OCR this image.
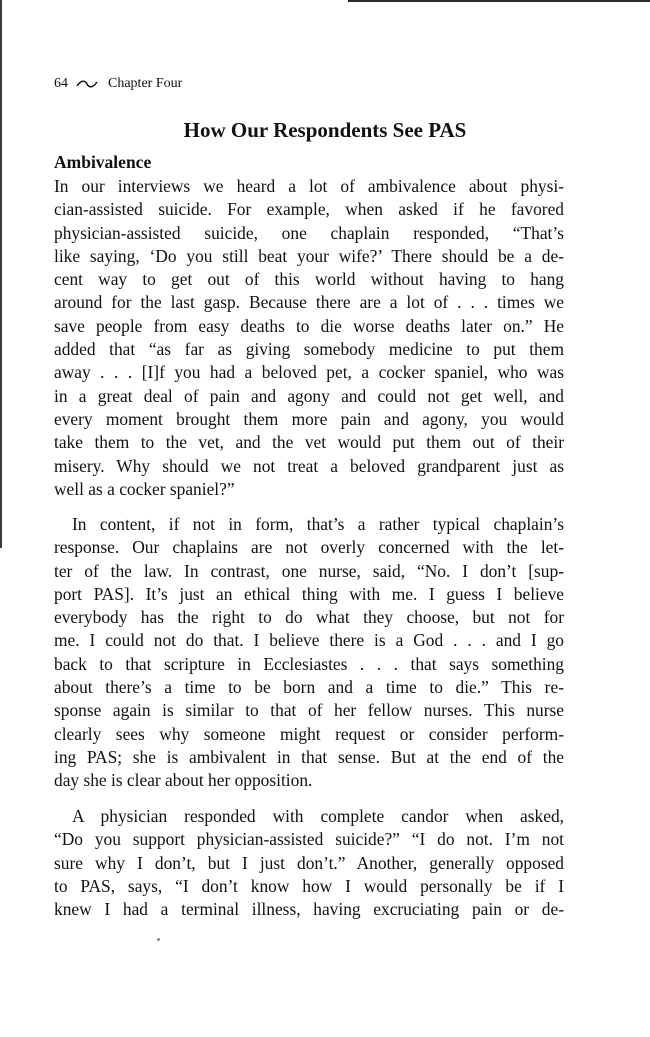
64	Chapter Four
How Our Respondents See PAS
Ambivalence
In our interviews we heard a lot of ambivalence about physi-
cian-assisted suicide. For example, when asked if he favored
physician-assisted suicide, one chaplain responded, “That’s
like saying, ‘Do you still beat your wife?’ There should be a de-
cent way to get out of this world without having to hang
around for the last gasp. Because there are a lot of . . . times we
save people from easy deaths to die worse deaths later on.” He
added that “as far as giving somebody medicine to put them
away . . . [I]f you had a beloved pet, a cocker spaniel, who was
in a great deal of pain and agony and could not get well, and
every moment brought them more pain and agony, you would
take them to the vet, and the vet would put them out of their
misery. Why should we not treat a beloved grandparent just as
well as a cocker spaniel?”
In content, if not in form, that’s a rather typical chaplain’s
response. Our chaplains are not overly concerned with the let-
ter of the law. In contrast, one nurse, said, “No. I don’t [sup-
port PAS]. It’s just an ethical thing with me. I guess I believe
everybody has the right to do what they choose, but not for
me. I could not do that. I believe there is a God . . . and I go
back to that scripture in Ecclesiastes . . . that says something
about there’s a time to be born and a time to die.” This re-
sponse again is similar to that of her fellow nurses. This nurse
clearly sees why someone might request or consider perform-
ing PAS; she is ambivalent in that sense. But at the end of the
day she is clear about her opposition.
A physician responded with complete candor when asked,
“Do you support physician-assisted suicide?” “I do not. I’m not
sure why I don’t, but I just don’t.” Another, generally opposed
to PAS, says, “I don’t know how I would personally be if I
knew I had a terminal illness, having excruciating pain or de-
